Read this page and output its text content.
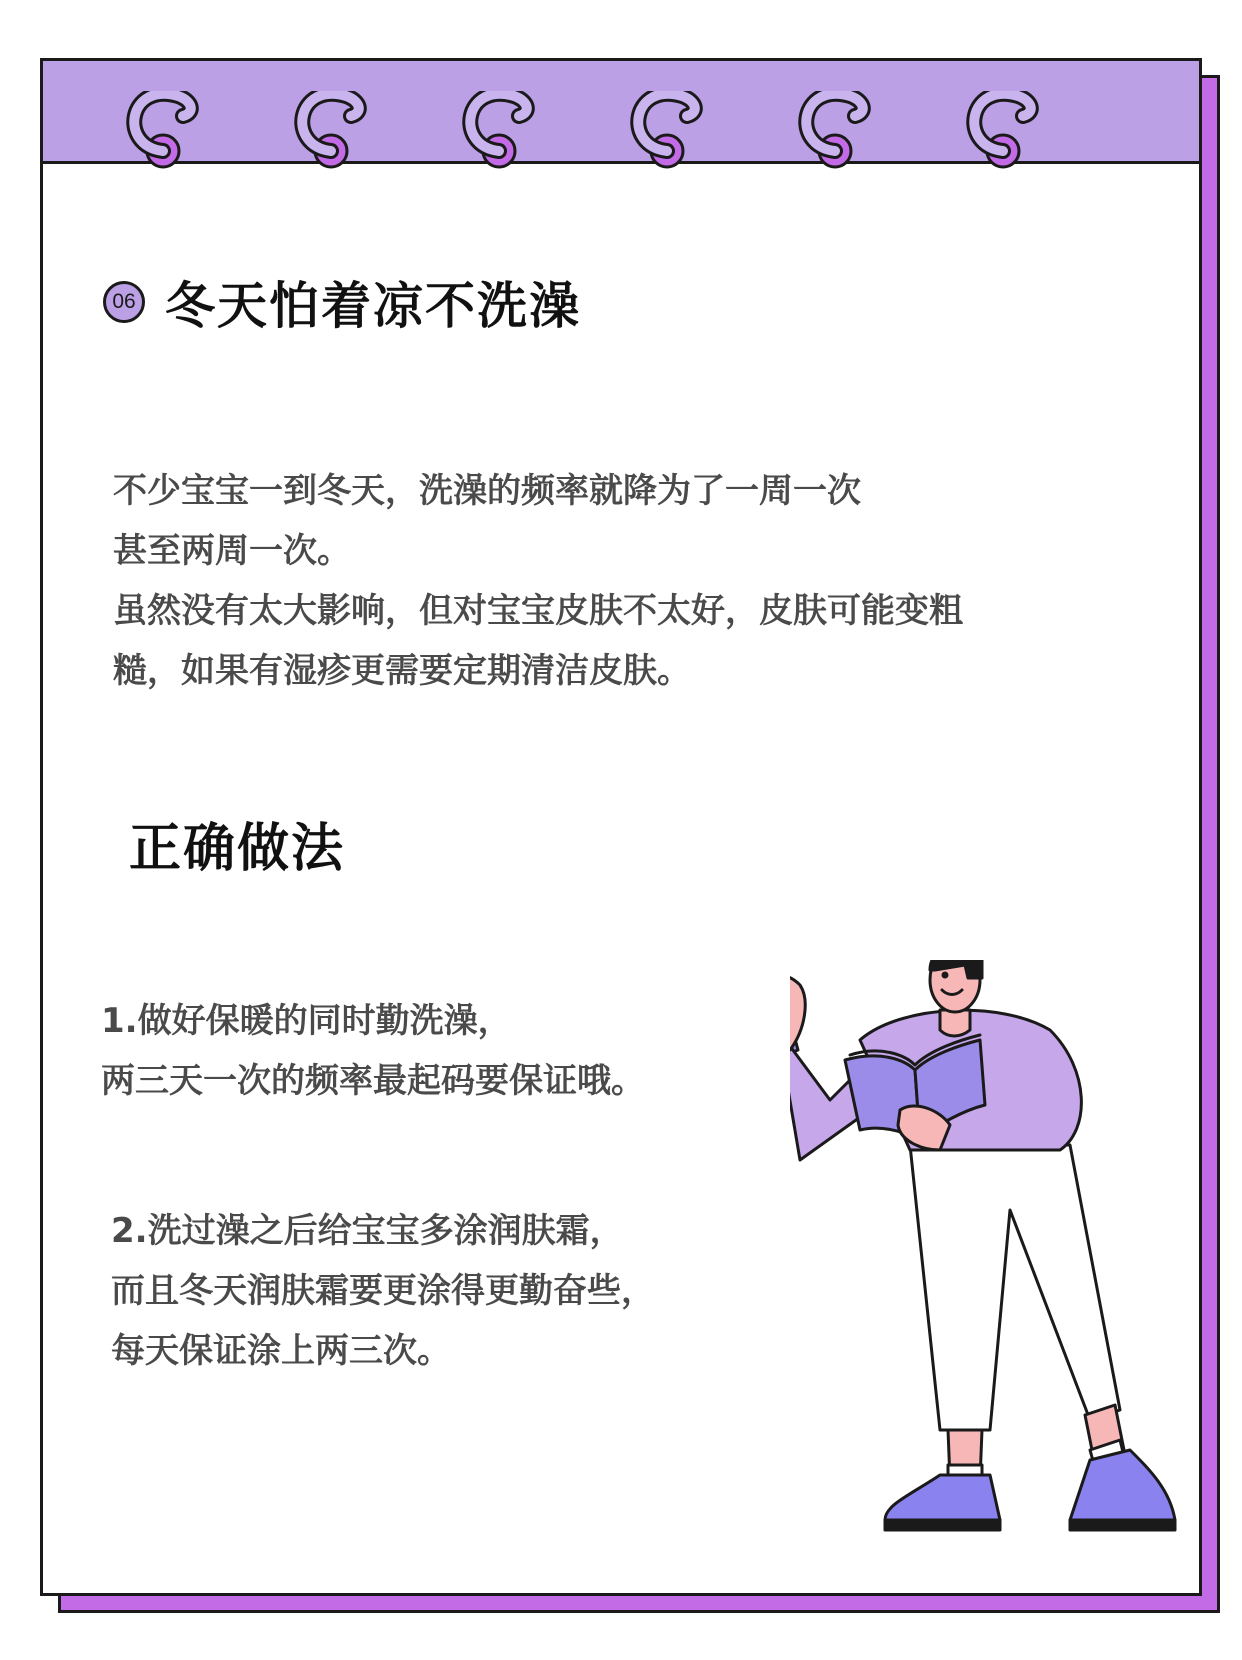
06 冬天怕着凉不洗澡
不少宝宝一到冬天，洗澡的频率就降为了一周一次
甚至两周一次。
虽然没有太大影响，但对宝宝皮肤不太好，皮肤可能变粗
糙，如果有湿疹更需要定期清洁皮肤。
正确做法
1.做好保暖的同时勤洗澡，
两三天一次的频率最起码要保证哦。
2.洗过澡之后给宝宝多涂润肤霜，
而且冬天润肤霜要更涂得更勤奋些，
每天保证涂上两三次。
